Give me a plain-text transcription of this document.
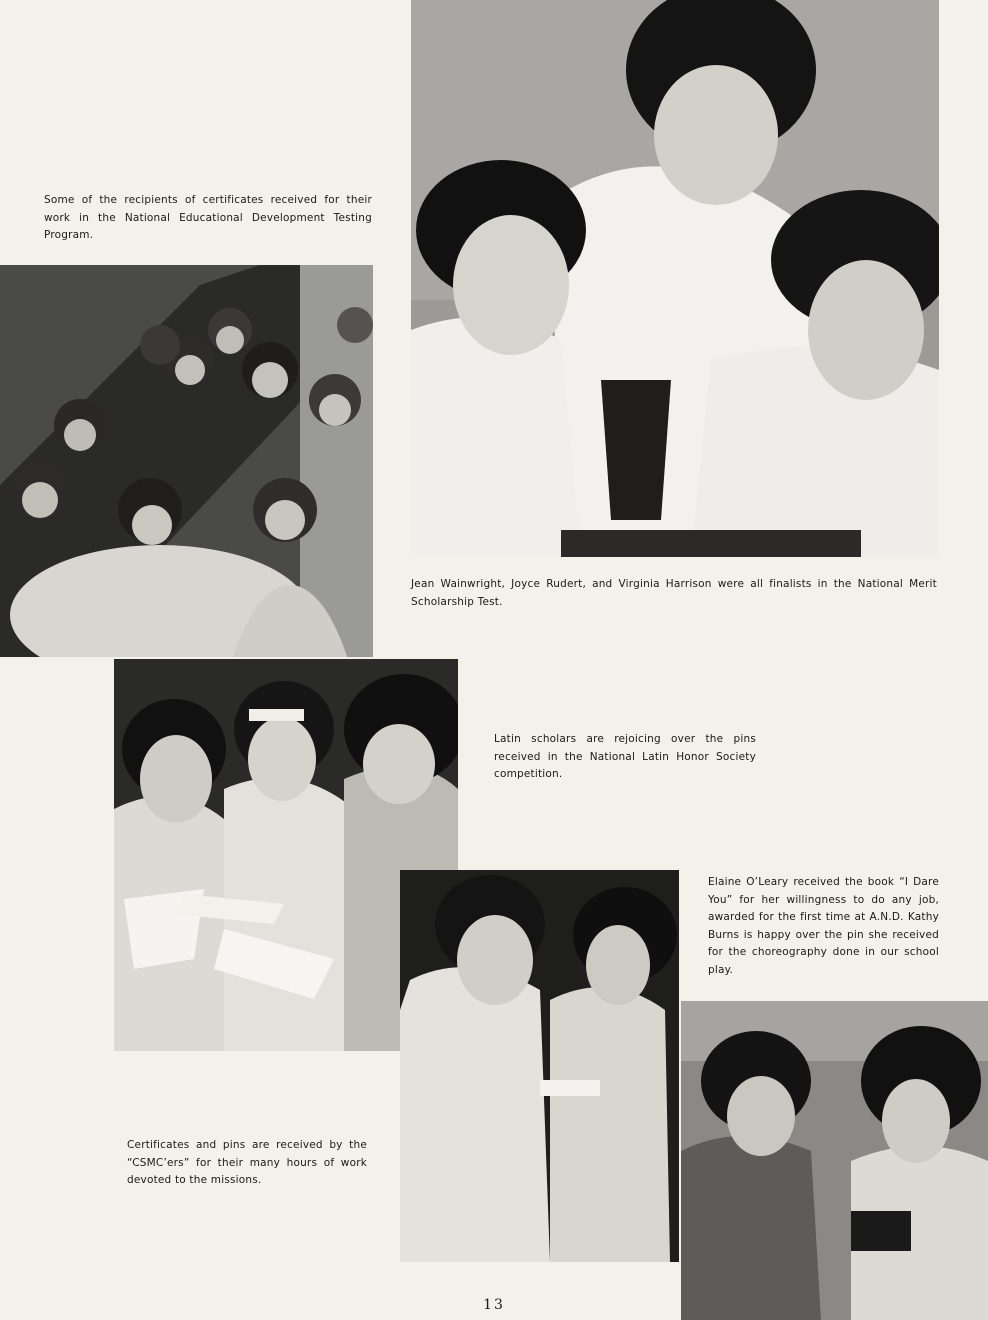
Some of the recipients of certificates received for their work in the National Educational Development Testing Program.
Jean Wainwright, Joyce Rudert, and Virginia Harrison were all finalists in the National Merit Scholarship Test.
Latin scholars are rejoicing over the pins received in the National Latin Honor Society competition.
Elaine O’Leary received the book “I Dare You” for her willingness to do any job, awarded for the first time at A.N.D. Kathy Burns is happy over the pin she received for the choreography done in our school play.
Certificates and pins are received by the “CSMC’ers” for their many hours of work devoted to the missions.
13
